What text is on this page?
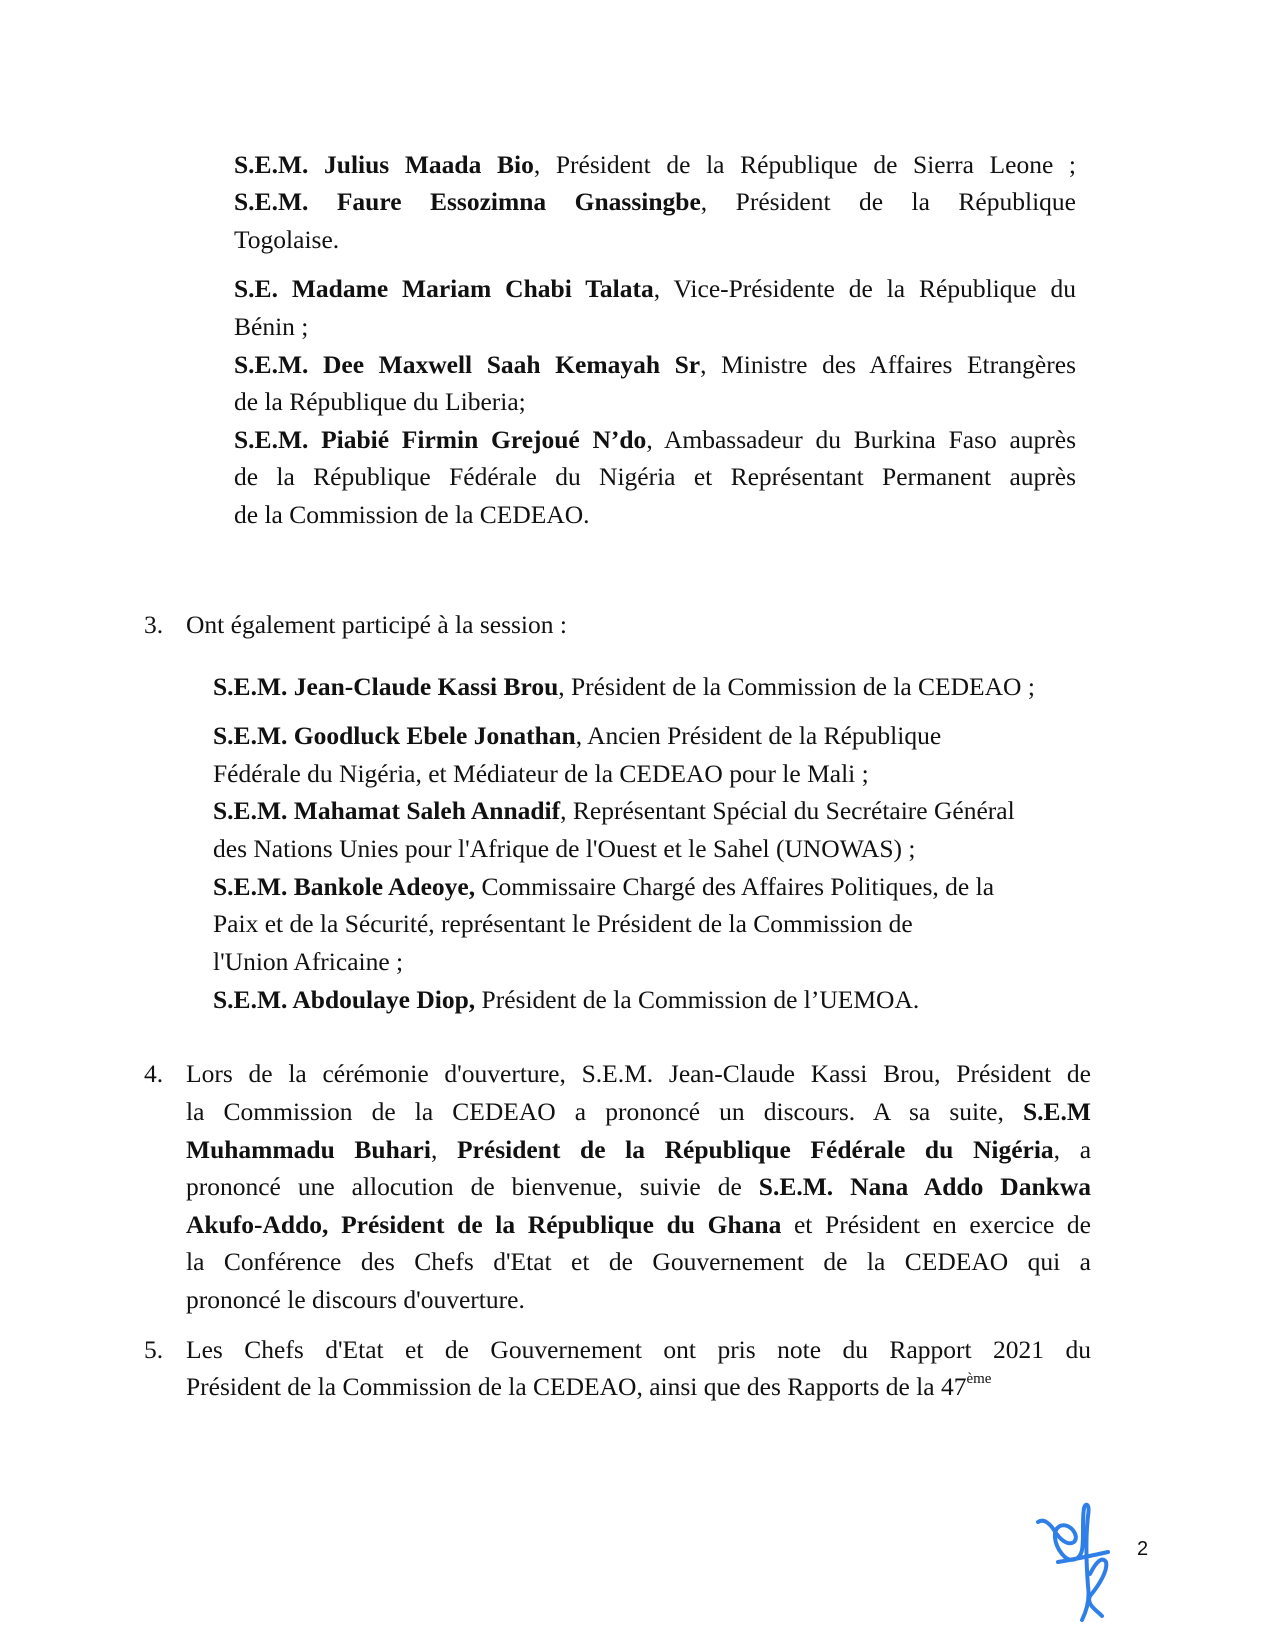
S.E.M. Julius Maada Bio, Président de la République de Sierra Leone ;
S.E.M. Faure Essozimna Gnassingbe, Président de la République
Togolaise.
S.E. Madame Mariam Chabi Talata, Vice-Présidente de la République du
Bénin ;
S.E.M. Dee Maxwell Saah Kemayah Sr, Ministre des Affaires Etrangères
de la République du Liberia;
S.E.M. Piabié Firmin Grejoué N’do, Ambassadeur du Burkina Faso auprès
de la République Fédérale du Nigéria et Représentant Permanent auprès
de la Commission de la CEDEAO.
3. Ont également participé à la session :
S.E.M. Jean-Claude Kassi Brou, Président de la Commission de la CEDEAO ;
S.E.M. Goodluck Ebele Jonathan, Ancien Président de la République
Fédérale du Nigéria, et Médiateur de la CEDEAO pour le Mali ;
S.E.M. Mahamat Saleh Annadif, Représentant Spécial du Secrétaire Général
des Nations Unies pour l'Afrique de l'Ouest et le Sahel (UNOWAS) ;
S.E.M. Bankole Adeoye, Commissaire Chargé des Affaires Politiques, de la
Paix et de la Sécurité, représentant le Président de la Commission de
l'Union Africaine ;
S.E.M. Abdoulaye Diop, Président de la Commission de l’UEMOA.
4. Lors de la cérémonie d'ouverture, S.E.M. Jean-Claude Kassi Brou, Président de
la Commission de la CEDEAO a prononcé un discours. A sa suite, S.E.M
Muhammadu Buhari, Président de la République Fédérale du Nigéria, a
prononcé une allocution de bienvenue, suivie de S.E.M. Nana Addo Dankwa
Akufo-Addo, Président de la République du Ghana et Président en exercice de
la Conférence des Chefs d'Etat et de Gouvernement de la CEDEAO qui a
prononcé le discours d'ouverture.
5. Les Chefs d'Etat et de Gouvernement ont pris note du Rapport 2021 du
Président de la Commission de la CEDEAO, ainsi que des Rapports de la 47ème
2
